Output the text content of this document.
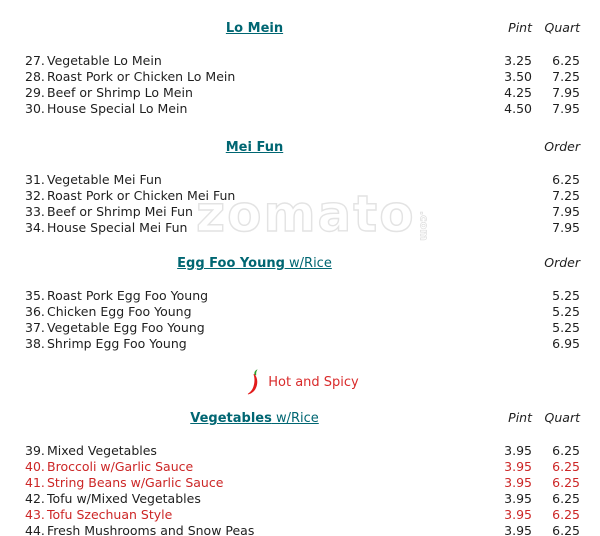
zomato .com
Lo Mein	Pint	Quart
27. Vegetable Lo Mein	3.25	6.25
28. Roast Pork or Chicken Lo Mein	3.50	7.25
29. Beef or Shrimp Lo Mein	4.25	7.95
30. House Special Lo Mein	4.50	7.95
Mei Fun	Order
31. Vegetable Mei Fun	6.25
32. Roast Pork or Chicken Mei Fun	7.25
33. Beef or Shrimp Mei Fun	7.95
34. House Special Mei Fun	7.95
Egg Foo Young w/Rice	Order
35. Roast Pork Egg Foo Young	5.25
36. Chicken Egg Foo Young	5.25
37. Vegetable Egg Foo Young	5.25
38. Shrimp Egg Foo Young	6.95
Hot and Spicy
Vegetables w/Rice	Pint	Quart
39. Mixed Vegetables	3.95	6.25
40. Broccoli w/Garlic Sauce	3.95	6.25
41. String Beans w/Garlic Sauce	3.95	6.25
42. Tofu w/Mixed Vegetables	3.95	6.25
43. Tofu Szechuan Style	3.95	6.25
44. Fresh Mushrooms and Snow Peas	3.95	6.25
